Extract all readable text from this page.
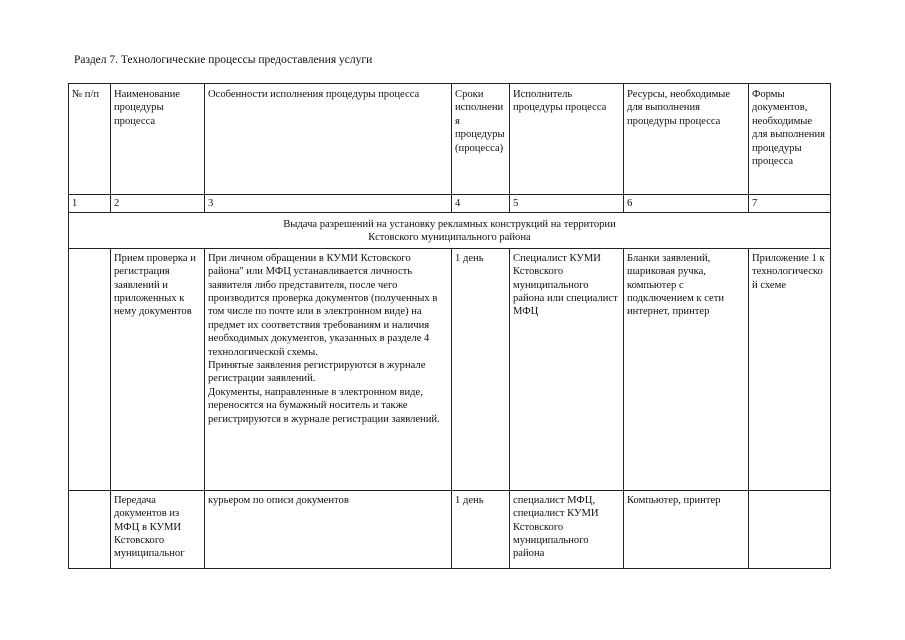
Раздел 7. Технологические процессы предоставления услуги
№ п/п	Наименование процедуры процесса	Особенности исполнения процедуры процесса	Сроки исполнения процедуры (процесса)	Исполнитель процедуры процесса	Ресурсы, необходимые для выполнения процедуры процесса	Формы документов, необходимые для выполнения процедуры процесса
1	2	3	4	5	6	7

Выдача разрешений на установку рекламных конструкций на территории
Кстовского муниципального района						

	Прием проверка и регистрация заявлений и приложенных к нему документов	При личном обращении в КУМИ Кстовского района" или МФЦ устанавливается личность заявителя либо представителя, после чего производится проверка документов (полученных в том числе по почте или в электронном виде) на предмет их соответствия требованиям и наличия необходимых документов, указанных в разделе 4 технологической схемы.
Принятые заявления регистрируются в журнале регистрации заявлений.
Документы, направленные в электронном виде, переносятся на бумажный носитель и также регистрируются в журнале регистрации заявлений.	1 день	Специалист КУМИ Кстовского муниципального района или специалист МФЦ	Бланки заявлений, шариковая ручка, компьютер с подключением к сети интернет, принтер	Приложение 1 к технологической схеме
	Передача документов из МФЦ в КУМИ Кстовского муниципальног	курьером по описи документов	1 день	специалист МФЦ, специалист КУМИ Кстовского муниципального района	Компьютер, принтер	
